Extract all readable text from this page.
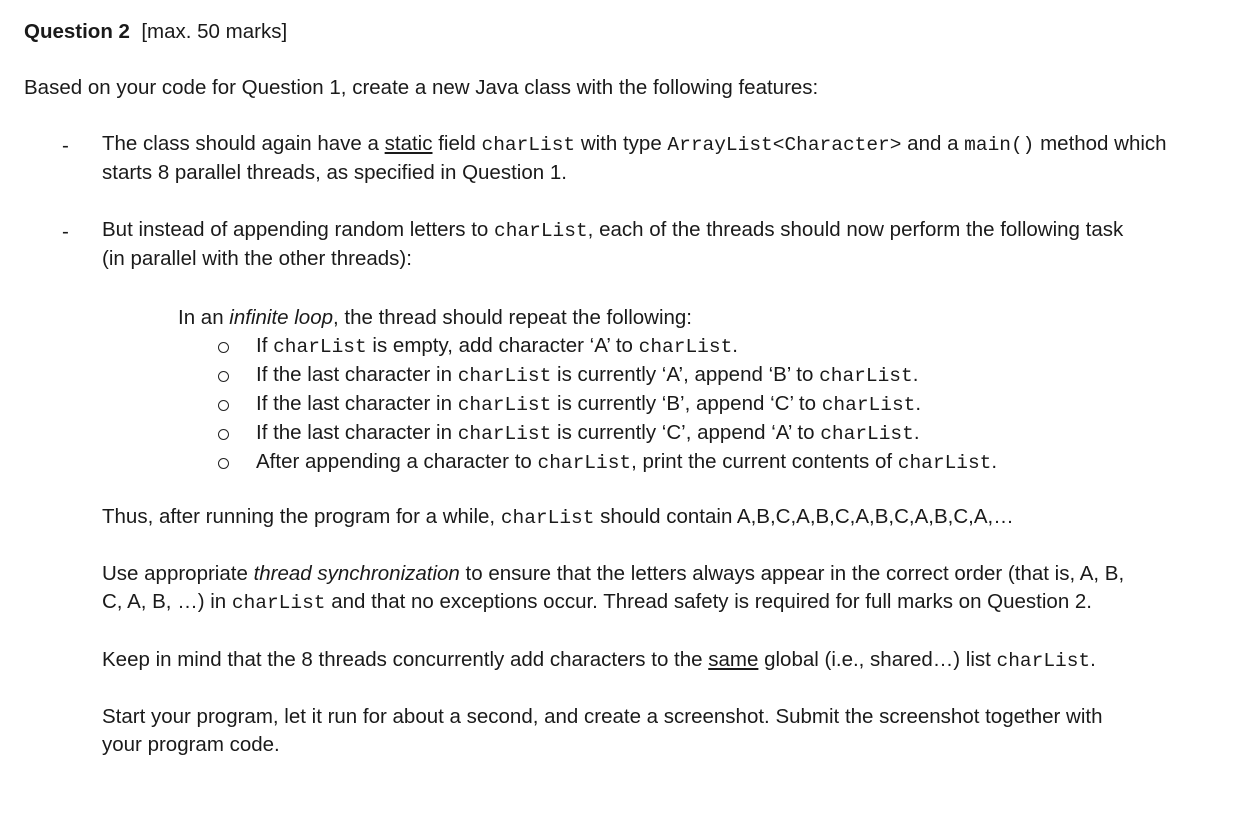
Question 2 [max. 50 marks]
Based on your code for Question 1, create a new Java class with the following features:
- The class should again have a static field charList with type ArrayList<Character> and a main() method which
starts 8 parallel threads, as specified in Question 1.
- But instead of appending random letters to charList, each of the threads should now perform the following task
(in parallel with the other threads):
In an infinite loop, the thread should repeat the following:
If charList is empty, add character ‘A’ to charList.
If the last character in charList is currently ‘A’, append ‘B’ to charList.
If the last character in charList is currently ‘B’, append ‘C’ to charList.
If the last character in charList is currently ‘C’, append ‘A’ to charList.
After appending a character to charList, print the current contents of charList.
Thus, after running the program for a while, charList should contain A,B,C,A,B,C,A,B,C,A,B,C,A,…
Use appropriate thread synchronization to ensure that the letters always appear in the correct order (that is, A, B,
C, A, B, …) in charList and that no exceptions occur. Thread safety is required for full marks on Question 2.
Keep in mind that the 8 threads concurrently add characters to the same global (i.e., shared…) list charList.
Start your program, let it run for about a second, and create a screenshot. Submit the screenshot together with
your program code.
